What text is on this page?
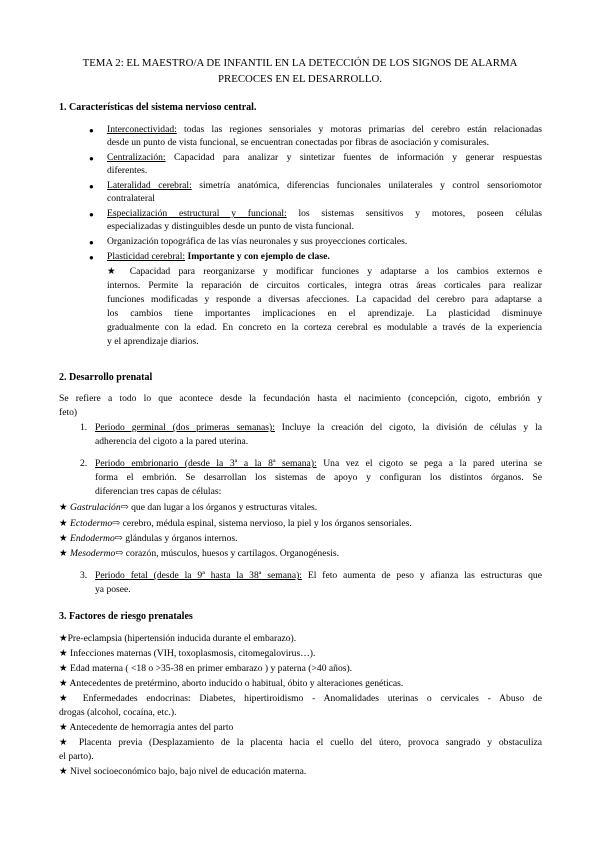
TEMA 2: EL MAESTRO/A DE INFANTIL EN LA DETECCIÓN DE LOS SIGNOS DE ALARMA
PRECOCES EN EL DESARROLLO.
1. Características del sistema nervioso central.
● Interconectividad: todas las regiones sensoriales y motoras primarias del cerebro están relacionadas
desde un punto de vista funcional, se encuentran conectadas por fibras de asociación y comisurales.
● Centralización: Capacidad para analizar y sintetizar fuentes de información y generar respuestas
diferentes.
● Lateralidad cerebral: simetría anatómica, diferencias funcionales unilaterales y control sensoriomotor
contralateral
● Especialización estructural y funcional: los sistemas sensitivos y motores, poseen células
especializadas y distinguibles desde un punto de vista funcional.
● Organización topográfica de las vías neuronales y sus proyecciones corticales.
● Plasticidad cerebral: Importante y con ejemplo de clase.
★ Capacidad para reorganizarse y modificar funciones y adaptarse a los cambios externos e
internos. Permite la reparación de circuitos corticales, integra otras áreas corticales para realizar
funciones modificadas y responde a diversas afecciones. La capacidad del cerebro para adaptarse a
los cambios tiene importantes implicaciones en el aprendizaje. La plasticidad disminuye
gradualmente con la edad. En concreto en la corteza cerebral es modulable a través de la experiencia
y el aprendizaje diarios.
2. Desarrollo prenatal
Se refiere a todo lo que acontece desde la fecundación hasta el nacimiento (concepción, cigoto, embrión y
feto)
1. Periodo germinal (dos primeras semanas): Incluye la creación del cigoto, la división de células y la
adherencia del cigoto a la pared uterina.
2. Periodo embrionario (desde la 3ª a la 8ª semana): Una vez el cigoto se pega a la pared uterina se
forma el embrión. Se desarrollan los sistemas de apoyo y configuran los distintos órganos. Se
diferencian tres capas de células:
★ Gastrulación⇨ que dan lugar a los órganos y estructuras vitales.
★ Ectodermo⇨ cerebro, médula espinal, sistema nervioso, la piel y los órganos sensoriales.
★ Endodermo⇨ glándulas y órganos internos.
★ Mesodermo⇨ corazón, músculos, huesos y cartílagos. Organogénesis.
3. Periodo fetal (desde la 9ª hasta la 38ª semana): El feto aumenta de peso y afianza las estructuras que
ya posee.
3. Factores de riesgo prenatales
★Pre-eclampsia (hipertensión inducida durante el embarazo).
★ Infecciones maternas (VIH, toxoplasmosis, citomegalovirus…).
★ Edad materna ( <18 o >35-38 en primer embarazo ) y paterna (>40 años).
★ Antecedentes de pretérmino, aborto inducido o habitual, óbito y alteraciones genéticas.
★ Enfermedades endocrinas: Diabetes, hipertiroidismo - Anomalidades uterinas o cervicales - Abuso de
drogas (alcohol, cocaína, etc.).
★ Antecedente de hemorragia antes del parto
★ Placenta previa (Desplazamiento de la placenta hacia el cuello del útero, provoca sangrado y obstaculiza
el parto).
★ Nivel socioeconómico bajo, bajo nivel de educación materna.
